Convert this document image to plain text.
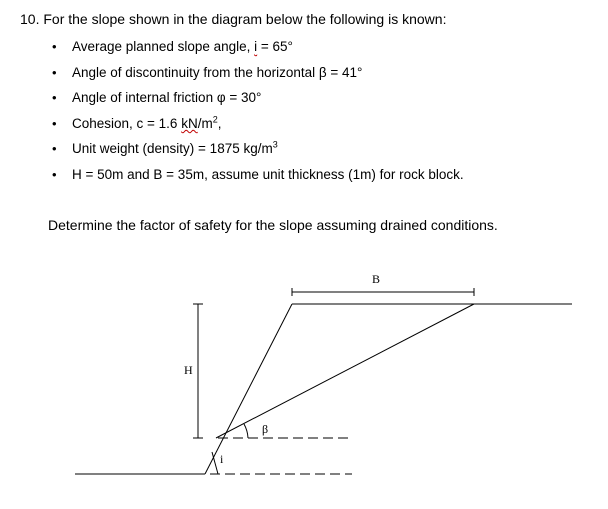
10. For the slope shown in the diagram below the following is known:
• Average planned slope angle, i = 65°
• Angle of discontinuity from the horizontal β = 41°
• Angle of internal friction φ = 30°
• Cohesion, c = 1.6 $kN/m^2$,
• Unit weight (density) = 1875 $kg/m^3$
• H = 50m and B = 35m, assume unit thickness (1m) for rock block.
Determine the factor of safety for the slope assuming drained conditions.
B
H
β
i
